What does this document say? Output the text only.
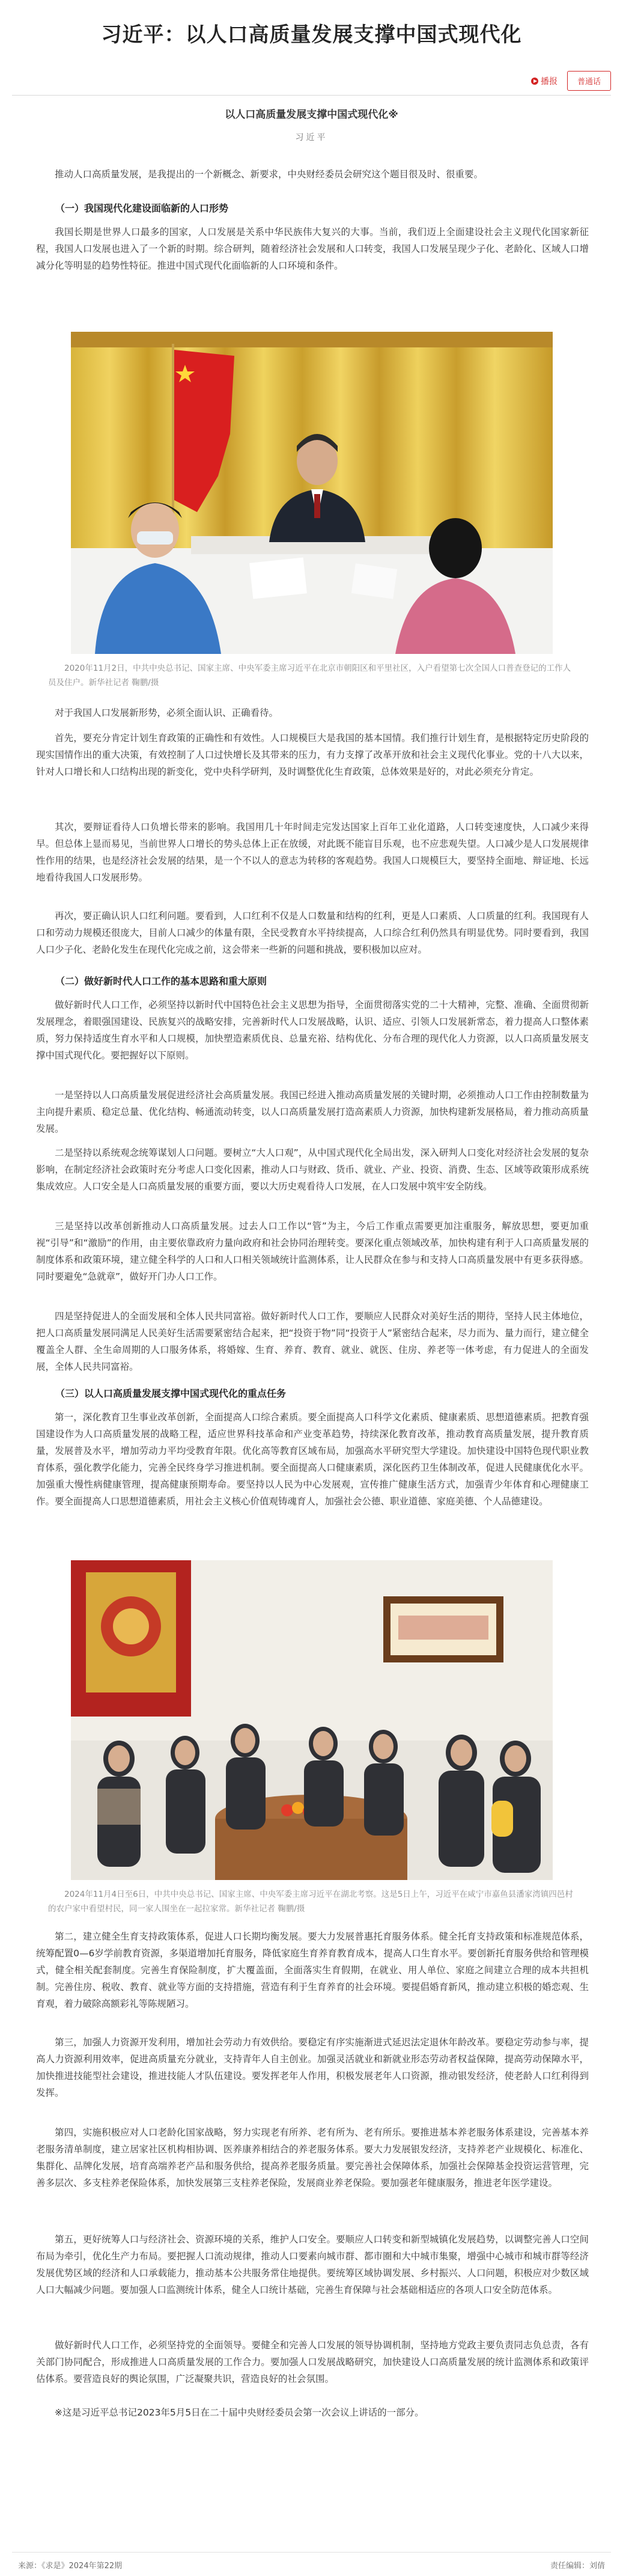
习近平：以人口高质量发展支撑中国式现代化
播报	普通话
以人口高质量发展支撑中国式现代化※
习近平

推动人口高质量发展，是我提出的一个新概念、新要求，中央财经委员会研究这个题目很及时、很重要。

（一）我国现代化建设面临新的人口形势

我国长期是世界人口最多的国家，人口发展是关系中华民族伟大复兴的大事。当前，我们迈上全面建设社会主义现代化国家新征程，我国人口发展也进入了一个新的时期。综合研判，随着经济社会发展和人口转变，我国人口发展呈现少子化、老龄化、区域人口增减分化等明显的趋势性特征。推进中国式现代化面临新的人口环境和条件。

2020年11月2日，中共中央总书记、国家主席、中央军委主席习近平在北京市朝阳区和平里社区，入户看望第七次全国人口普查登记的工作人员及住户。新华社记者 鞠鹏/摄

对于我国人口发展新形势，必须全面认识、正确看待。

首先，要充分肯定计划生育政策的正确性和有效性。人口规模巨大是我国的基本国情。我们推行计划生育，是根据特定历史阶段的现实国情作出的重大决策，有效控制了人口过快增长及其带来的压力，有力支撑了改革开放和社会主义现代化事业。党的十八大以来，针对人口增长和人口结构出现的新变化，党中央科学研判，及时调整优化生育政策，总体效果是好的，对此必须充分肯定。

其次，要辩证看待人口负增长带来的影响。我国用几十年时间走完发达国家上百年工业化道路，人口转变速度快，人口减少来得早。但总体上显而易见，当前世界人口增长的势头总体上正在放缓，对此既不能盲目乐观，也不应悲观失望。人口减少是人口发展规律性作用的结果，也是经济社会发展的结果，是一个不以人的意志为转移的客观趋势。我国人口规模巨大，要坚持全面地、辩证地、长远地看待我国人口发展形势。

再次，要正确认识人口红利问题。要看到，人口红利不仅是人口数量和结构的红利，更是人口素质、人口质量的红利。我国现有人口和劳动力规模还很庞大，目前人口减少的体量有限，全民受教育水平持续提高，人口综合红利仍然具有明显优势。同时要看到，我国人口少子化、老龄化发生在现代化完成之前，这会带来一些新的问题和挑战，要积极加以应对。

（二）做好新时代人口工作的基本思路和重大原则

做好新时代人口工作，必须坚持以新时代中国特色社会主义思想为指导，全面贯彻落实党的二十大精神，完整、准确、全面贯彻新发展理念，着眼强国建设、民族复兴的战略安排，完善新时代人口发展战略，认识、适应、引领人口发展新常态，着力提高人口整体素质，努力保持适度生育水平和人口规模，加快塑造素质优良、总量充裕、结构优化、分布合理的现代化人力资源，以人口高质量发展支撑中国式现代化。要把握好以下原则。

一是坚持以人口高质量发展促进经济社会高质量发展。我国已经进入推动高质量发展的关键时期，必须推动人口工作由控制数量为主向提升素质、稳定总量、优化结构、畅通流动转变，以人口高质量发展打造高素质人力资源，加快构建新发展格局，着力推动高质量发展。

二是坚持以系统观念统筹谋划人口问题。要树立“大人口观”，从中国式现代化全局出发，深入研判人口变化对经济社会发展的复杂影响，在制定经济社会政策时充分考虑人口变化因素，推动人口与财政、货币、就业、产业、投资、消费、生态、区域等政策形成系统集成效应。人口安全是人口高质量发展的重要方面，要以大历史观看待人口发展，在人口发展中筑牢安全防线。

三是坚持以改革创新推动人口高质量发展。过去人口工作以“管”为主，今后工作重点需要更加注重服务，解放思想，要更加重视“引导”和“激励”的作用，由主要依靠政府力量向政府和社会协同治理转变。要深化重点领域改革，加快构建有利于人口高质量发展的制度体系和政策环境，建立健全科学的人口和人口相关领域统计监测体系，让人民群众在参与和支持人口高质量发展中有更多获得感。同时要避免“急就章”，做好开门办人口工作。

四是坚持促进人的全面发展和全体人民共同富裕。做好新时代人口工作，要顺应人民群众对美好生活的期待，坚持人民主体地位，把人口高质量发展同满足人民美好生活需要紧密结合起来，把“投资于物”同“投资于人”紧密结合起来，尽力而为、量力而行，建立健全覆盖全人群、全生命周期的人口服务体系，将婚嫁、生育、养育、教育、就业、就医、住房、养老等一体考虑，有力促进人的全面发展，全体人民共同富裕。

（三）以人口高质量发展支撑中国式现代化的重点任务

第一，深化教育卫生事业改革创新，全面提高人口综合素质。要全面提高人口科学文化素质、健康素质、思想道德素质。把教育强国建设作为人口高质量发展的战略工程，适应世界科技革命和产业变革趋势，持续深化教育改革，推动教育高质量发展，提升教育质量，发展普及水平，增加劳动力平均受教育年限。优化高等教育区域布局，加强高水平研究型大学建设。加快建设中国特色现代职业教育体系，强化教学化能力，完善全民终身学习推进机制。要全面提高人口健康素质，深化医药卫生体制改革，促进人民健康优化水平。加强重大慢性病健康管理，提高健康预期寿命。要坚持以人民为中心发展观，宣传推广健康生活方式，加强青少年体育和心理健康工作。要全面提高人口思想道德素质，用社会主义核心价值观铸魂育人，加强社会公德、职业道德、家庭美德、个人品德建设。

2024年11月4日至6日，中共中央总书记、国家主席、中央军委主席习近平在湖北考察。这是5日上午，习近平在咸宁市嘉鱼县潘家湾镇四邑村的农户家中看望村民，同一家人围坐在一起拉家常。新华社记者 鞠鹏/摄

第二，建立健全生育支持政策体系，促进人口长期均衡发展。要大力发展普惠托育服务体系。健全托育支持政策和标准规范体系，统筹配置0—6岁学前教育资源，多渠道增加托育服务，降低家庭生育养育教育成本，提高人口生育水平。要创新托育服务供给和管理模式，健全相关配套制度。完善生育保险制度，扩大覆盖面，全面落实生育假期，在就业、用人单位、家庭之间建立合理的成本共担机制。完善住房、税收、教育、就业等方面的支持措施，营造有利于生育养育的社会环境。要提倡婚育新风，推动建立积极的婚恋观、生育观，着力破除高额彩礼等陈规陋习。

第三，加强人力资源开发利用，增加社会劳动力有效供给。要稳定有序实施渐进式延迟法定退休年龄改革。要稳定劳动参与率，提高人力资源利用效率，促进高质量充分就业，支持青年人自主创业。加强灵活就业和新就业形态劳动者权益保障，提高劳动保障水平，加快推进技能型社会建设，推进技能人才队伍建设。要发挥老年人作用，积极发展老年人口资源，推动银发经济，使老龄人口红利得到发挥。

第四，实施积极应对人口老龄化国家战略，努力实现老有所养、老有所为、老有所乐。要推进基本养老服务体系建设，完善基本养老服务清单制度，建立居家社区机构相协调、医养康养相结合的养老服务体系。要大力发展银发经济，支持养老产业规模化、标准化、集群化、品牌化发展，培育高端养老产品和服务供给，提高养老服务质量。要完善社会保障体系，加强社会保障基金投资运营管理，完善多层次、多支柱养老保险体系，加快发展第三支柱养老保险，发展商业养老保险。要加强老年健康服务，推进老年医学建设。

第五，更好统筹人口与经济社会、资源环境的关系，维护人口安全。要顺应人口转变和新型城镇化发展趋势，以调整完善人口空间布局为牵引，优化生产力布局。要把握人口流动规律，推动人口要素向城市群、都市圈和大中城市集聚，增强中心城市和城市群等经济发展优势区域的经济和人口承载能力，推动基本公共服务常住地提供。要统筹区域协调发展、乡村振兴、人口问题，积极应对少数区域人口大幅减少问题。要加强人口监测统计体系，健全人口统计基础，完善生育保障与社会基础相适应的各项人口安全防范体系。

做好新时代人口工作，必须坚持党的全面领导。要健全和完善人口发展的领导协调机制，坚持地方党政主要负责同志负总责，各有关部门协同配合，形成推进人口高质量发展的工作合力。要加强人口发展战略研究，加快建设人口高质量发展的统计监测体系和政策评估体系。要营造良好的舆论氛围，广泛凝聚共识，营造良好的社会氛围。

※这是习近平总书记2023年5月5日在二十届中央财经委员会第一次会议上讲话的一部分。

来源：《求是》2024年第22期	责任编辑：刘倩
